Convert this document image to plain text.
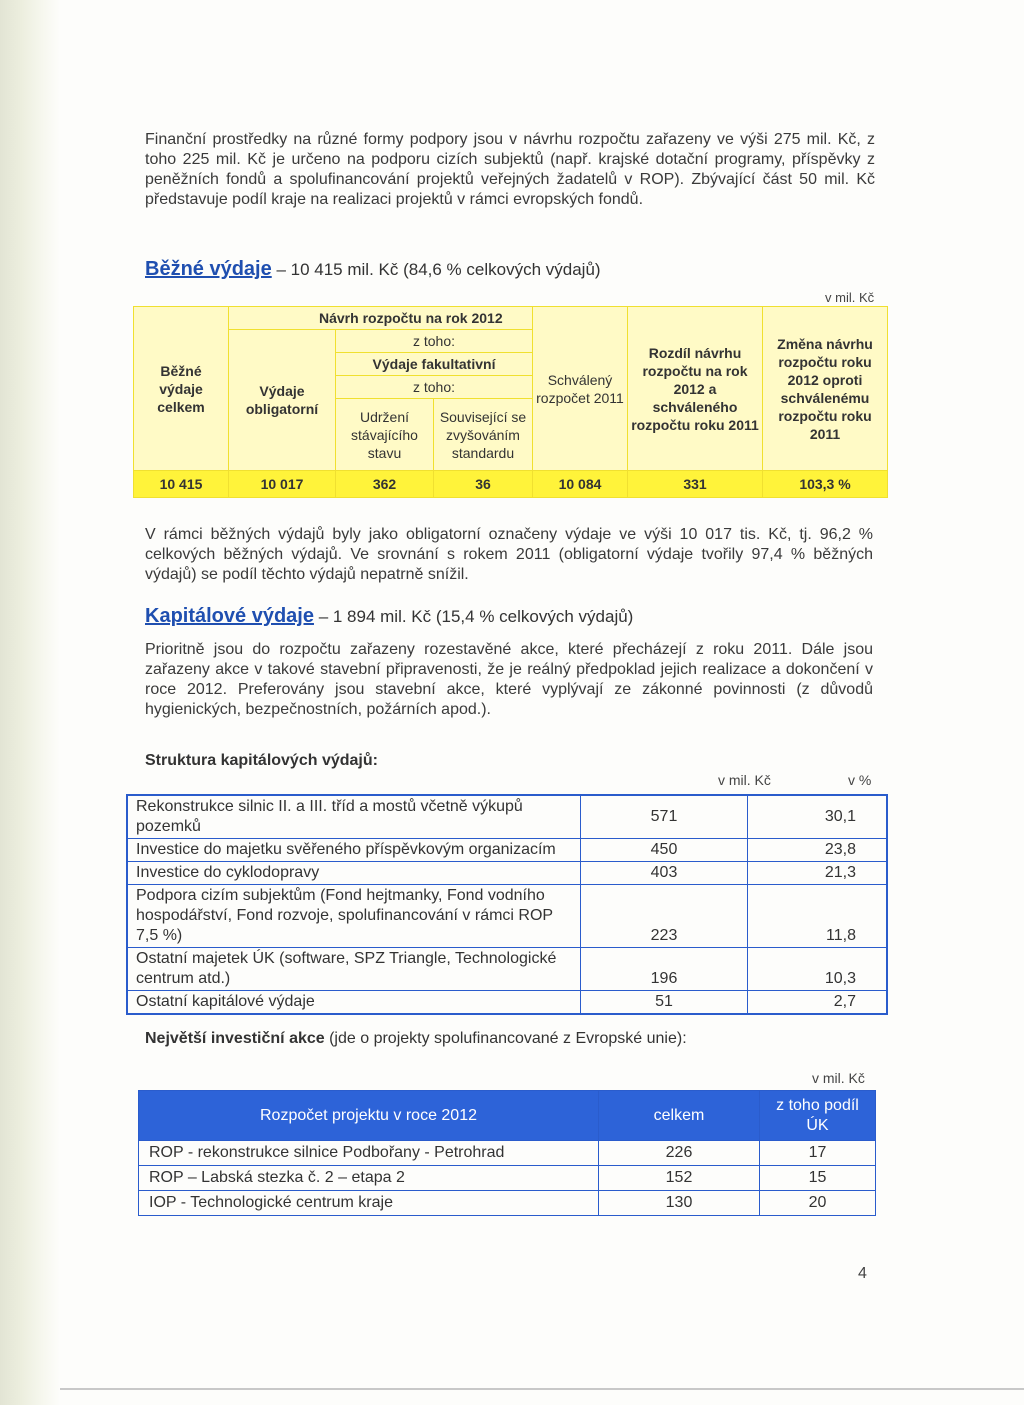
Finanční prostředky na různé formy podpory jsou v návrhu rozpočtu zařazeny ve výši 275 mil. Kč, z toho 225 mil. Kč je určeno na podporu cizích subjektů (např. krajské dotační programy, příspěvky z peněžních fondů a spolufinancování projektů veřejných žadatelů v ROP). Zbývající část 50 mil. Kč představuje podíl kraje na realizaci projektů v rámci evropských fondů.

Běžné výdaje – 10 415 mil. Kč (84,6 % celkových výdajů)
v mil. Kč
Běžné výdaje celkem	Návrh rozpočtu na rok 2012			Schválený rozpočet 2011	Rozdíl návrhu rozpočtu na rok 2012 a schváleného rozpočtu roku 2011	Změna návrhu rozpočtu roku 2012 oproti schválenému rozpočtu roku 2011
	Výdaje obligatorní	z toho:				
		Výdaje fakultativní				
		z toho:				
		Udržení stávajícího stavu	Související se zvyšováním standardu			
10 415	10 017	362	36	10 084	331	103,3 %

V rámci běžných výdajů byly jako obligatorní označeny výdaje ve výši 10 017 tis. Kč, tj. 96,2 % celkových běžných výdajů. Ve srovnání s rokem 2011 (obligatorní výdaje tvořily 97,4 % běžných výdajů) se podíl těchto výdajů nepatrně snížil.

Kapitálové výdaje – 1 894 mil. Kč (15,4 % celkových výdajů)

Prioritně jsou do rozpočtu zařazeny rozestavěné akce, které přecházejí z roku 2011. Dále jsou zařazeny akce v takové stavební připravenosti, že je reálný předpoklad jejich realizace a dokončení v roce 2012. Preferovány jsou stavební akce, které vyplývají ze zákonné povinnosti (z důvodů hygienických, bezpečnostních, požárních apod.).

Struktura kapitálových výdajů:
v mil. Kč	v %
Rekonstrukce silnic II. a III. tříd a mostů včetně výkupů pozemků	571	30,1
Investice do majetku svěřeného příspěvkovým organizacím	450	23,8
Investice do cyklodopravy	403	21,3
Podpora cizím subjektům (Fond hejtmanky, Fond vodního hospodářství, Fond rozvoje, spolufinancování v rámci ROP 7,5 %)	223	11,8
Ostatní majetek ÚK (software, SPZ Triangle, Technologické centrum atd.)	196	10,3
Ostatní kapitálové výdaje	51	2,7
Největší investiční akce (jde o projekty spolufinancované z Evropské unie):
v mil. Kč
Rozpočet projektu v roce 2012	celkem	z toho podíl ÚK
ROP - rekonstrukce silnice Podbořany - Petrohrad	226	17
ROP – Labská stezka č. 2 – etapa 2	152	15
IOP - Technologické centrum kraje	130	20
4
